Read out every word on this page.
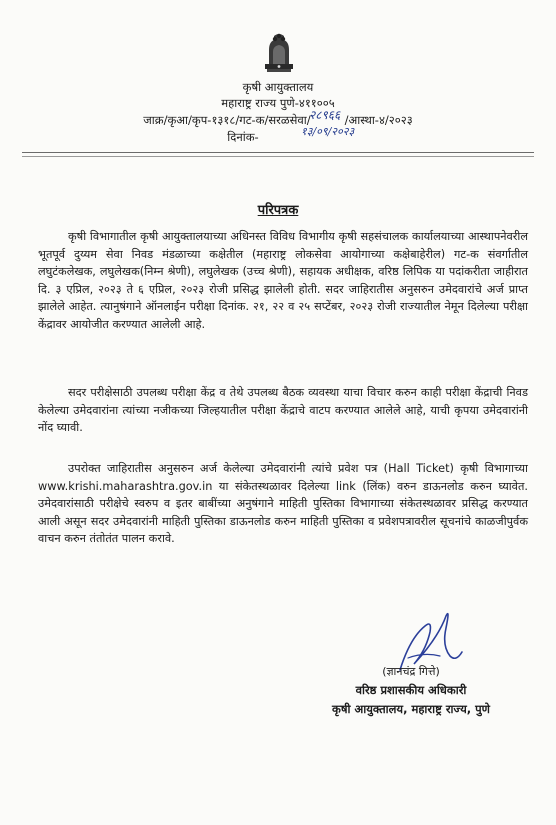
कृषी आयुक्तालय
महाराष्ट्र राज्य पुणे-४११००५
जाक्र/कृआ/कृप-१३१८/गट-क/सरळसेवा/	/आस्था-४/२०२३
२८९६६
दिनांक-	१३/०९/२०२३
परिपत्रक
कृषी विभागातील कृषी आयुक्तालयाच्या अधिनस्त विविध विभागीय कृषी सहसंचालक कार्यालयाच्या आस्थापनेवरील भूतपूर्व दुय्यम सेवा निवड मंडळाच्या कक्षेतील (महाराष्ट्र लोकसेवा आयोगाच्या कक्षेबाहेरील) गट-क संवर्गातील लघुटंकलेखक, लघुलेखक(निम्न श्रेणी), लघुलेखक (उच्च श्रेणी), सहायक अधीक्षक, वरिष्ठ लिपिक या पदांकरीता जाहीरात दि. ३ एप्रिल, २०२३ ते ६ एप्रिल, २०२३ रोजी प्रसिद्ध झालेली होती. सदर जाहिरातीस अनुसरुन उमेदवारांचे अर्ज प्राप्त झालेले आहेत. त्यानुषंगाने ऑनलाईन परीक्षा दिनांक. २१, २२ व २५ सप्टेंबर, २०२३ रोजी राज्यातील नेमून दिलेल्या परीक्षा केंद्रावर आयोजीत करण्यात आलेली आहे.
सदर परीक्षेसाठी उपलब्ध परीक्षा केंद्र व तेथे उपलब्ध बैठक व्यवस्था याचा विचार करुन काही परीक्षा केंद्राची निवड केलेल्या उमेदवारांना त्यांच्या नजीकच्या जिल्हयातील परीक्षा केंद्राचे वाटप करण्यात आलेले आहे, याची कृपया उमेदवारांनी नोंद घ्यावी.
उपरोक्त जाहिरातीस अनुसरुन अर्ज केलेल्या उमेदवारांनी त्यांचे प्रवेश पत्र (Hall Ticket) कृषी विभागाच्या www.krishi.maharashtra.gov.in या संकेतस्थळावर दिलेल्या link (लिंक) वरुन डाऊनलोड करुन घ्यावेत. उमेदवारांसाठी परीक्षेचे स्वरुप व इतर बाबींच्या अनुषंगाने माहिती पुस्तिका विभागाच्या संकेतस्थळावर प्रसिद्ध करण्यात आली असून सदर उमेदवारांनी माहिती पुस्तिका डाऊनलोड करुन माहिती पुस्तिका व प्रवेशपत्रावरील सूचनांचे काळजीपुर्वक वाचन करुन तंतोतंत पालन करावे.
(ज्ञानचंद्र गित्ते)
वरिष्ठ प्रशासकीय अधिकारी
कृषी आयुक्तालय, महाराष्ट्र राज्य, पुणे
